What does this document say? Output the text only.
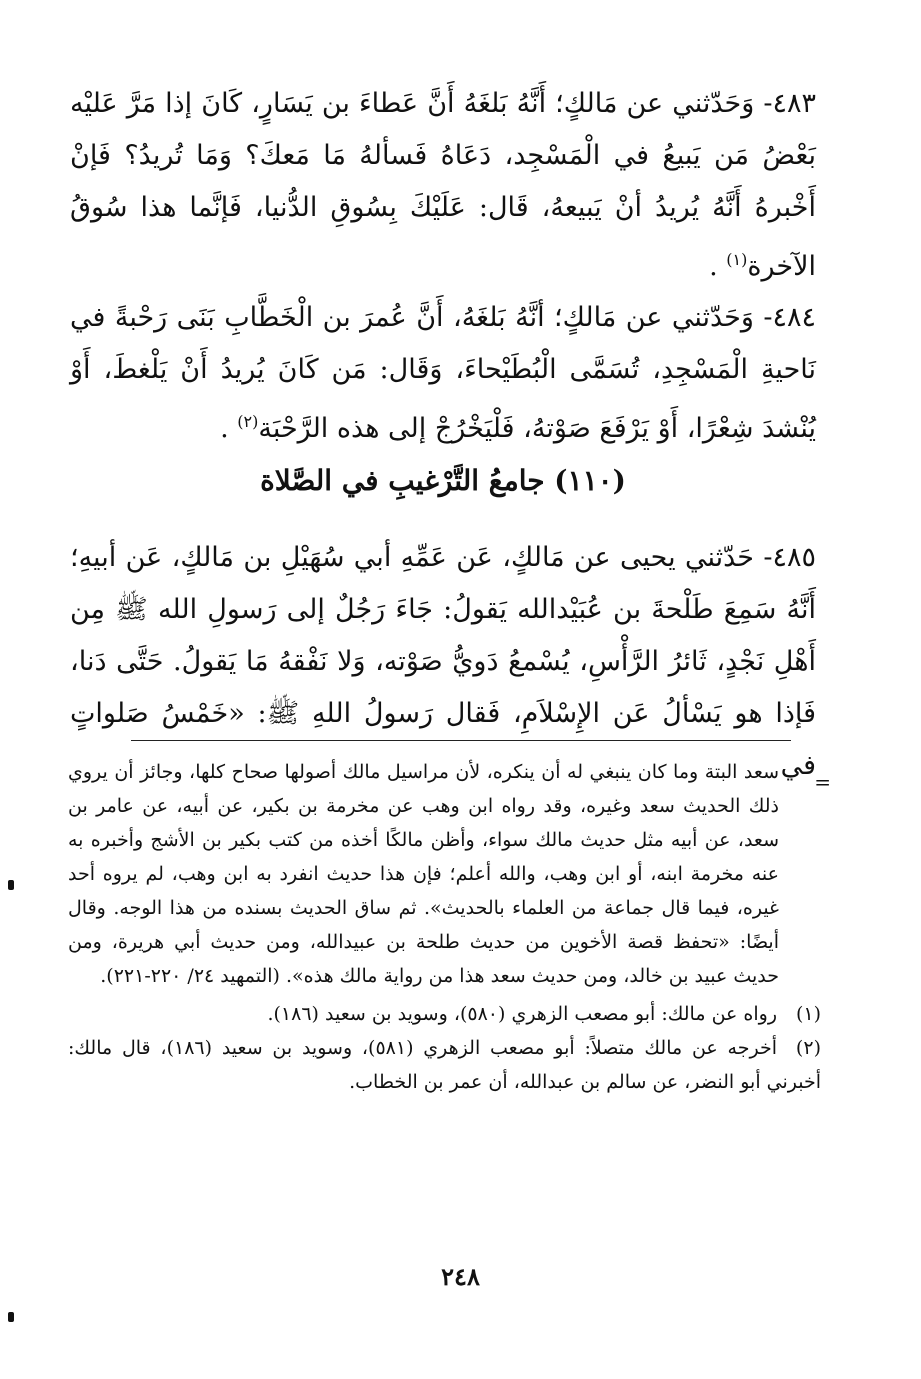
٤٨٣- وَحَدّثني عن مَالكٍ؛ أَنَّهُ بَلغَهُ أَنَّ عَطاءَ بن يَسَارٍ، كَانَ إذا مَرَّ عَليْه بَعْضُ مَن يَبيعُ في الْمَسْجِد، دَعَاهُ فَسألهُ مَا مَعكَ؟ وَمَا تُريدُ؟ فَإنْ أَخْبرهُ أَنَّهُ يُريدُ أنْ يَبيعهُ، قَال: عَلَيْكَ بِسُوقِ الدُّنيا، فَإنَّما هذا سُوقُ الآخرة$^{(١)}$ .

٤٨٤- وَحَدّثني عن مَالكٍ؛ أنَّهُ بَلغَهُ، أَنَّ عُمرَ بن الْخَطَّابِ بَنَى رَحْبةً في نَاحيةِ الْمَسْجِدِ، تُسَمَّى الْبُطَيْحاءَ، وَقَال: مَن كَانَ يُريدُ أَنْ يَلْغطَ، أَوْ يُنْشدَ شِعْرًا، أَوْ يَرْفَعَ صَوْتهُ، فَلْيَخْرُجْ إلى هذه الرَّحْبَة$^{(٢)}$ .

(١١٠) جامعُ التَّرْغيبِ في الصَّلاة

٤٨٥- حَدّثني يحيى عن مَالكٍ، عَن عَمِّهِ أبي سُهَيْلِ بن مَالكٍ، عَن أبيهِ؛ أَنَّهُ سَمِعَ طَلْحةَ بن عُبَيْدالله يَقولُ: جَاءَ رَجُلٌ إلى رَسولِ الله ﷺ مِن أَهْلِ نَجْدٍ، ثَائرُ الرَّأْسِ، يُسْمعُ دَويُّ صَوْته، وَلا نَفْقهُ مَا يَقولُ. حَتَّى دَنا، فَإذا هو يَسْألُ عَن الإِسْلاَمِ، فَقال رَسولُ اللهِ ﷺ: «خَمْسُ صَلواتٍ في

=

سعد البتة وما كان ينبغي له أن ينكره، لأن مراسيل مالك أصولها صحاح كلها، وجائز أن يروي ذلك الحديث سعد وغيره، وقد رواه ابن وهب عن مخرمة بن بكير، عن أبيه، عن عامر بن سعد، عن أبيه مثل حديث مالك سواء، وأظن مالكًا أخذه من كتب بكير بن الأشج وأخبره به عنه مخرمة ابنه، أو ابن وهب، والله أعلم؛ فإن هذا حديث انفرد به ابن وهب، لم يروه أحد غيره، فيما قال جماعة من العلماء بالحديث». ثم ساق الحديث بسنده من هذا الوجه. وقال أيضًا: «تحفظ قصة الأخوين من حديث طلحة بن عبيدالله، ومن حديث أبي هريرة، ومن حديث عبيد بن خالد، ومن حديث سعد هذا من رواية مالك هذه». (التمهيد ٢٤/ ٢٢٠-٢٢١).

(١)رواه عن مالك: أبو مصعب الزهري (٥٨٠)، وسويد بن سعيد (١٨٦).

(٢)أخرجه عن مالك متصلاً: أبو مصعب الزهري (٥٨١)، وسويد بن سعيد (١٨٦)، قال مالك: أخبرني أبو النضر، عن سالم بن عبدالله، أن عمر بن الخطاب.

٢٤٨
